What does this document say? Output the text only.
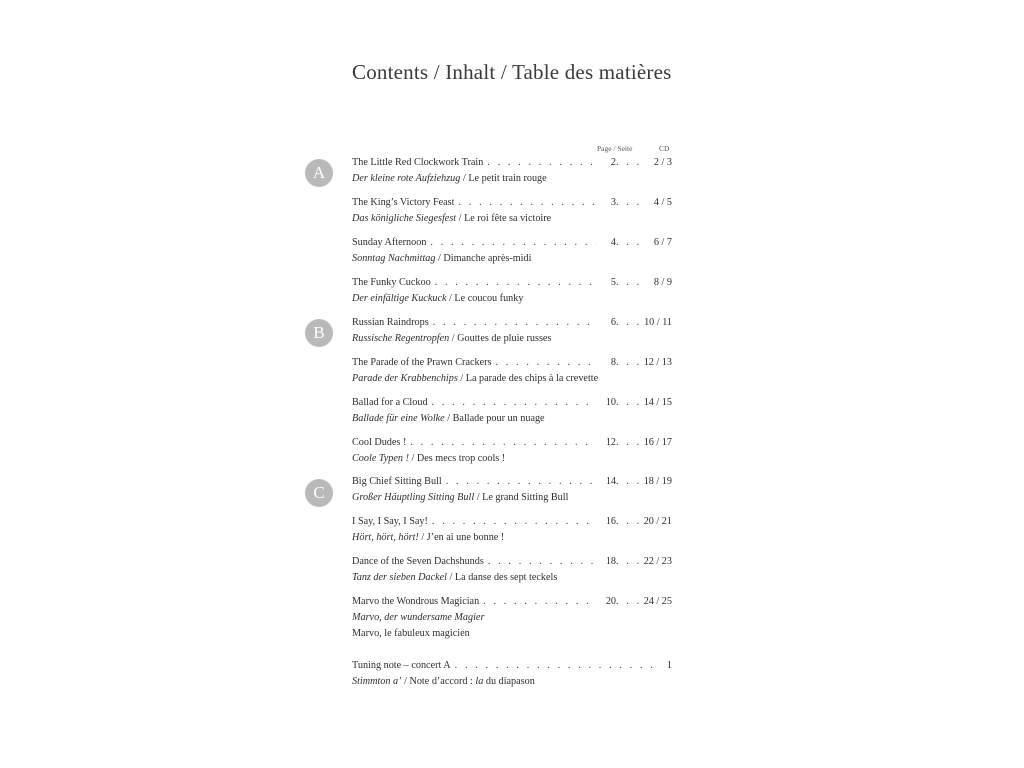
Contents / Inhalt / Table des matières
Page / Seite	CD
A
B
C
The Little Red Clockwork Train . . .	2 . . .	2 / 3
Der kleine rote Aufziehzug / Le petit train rouge
The King’s Victory Feast . . .	3 . . .	4 / 5
Das königliche Siegesfest / Le roi fête sa victoire
Sunday Afternoon . . .	4 . . .	6 / 7
Sonntag Nachmittag / Dimanche après-midi
The Funky Cuckoo . . .	5 . . .	8 / 9
Der einfältige Kuckuck / Le coucou funky
Russian Raindrops . . .	6 . . .	10 / 11
Russische Regentropfen / Gouttes de pluie russes
The Parade of the Prawn Crackers . . .	8 . . .	12 / 13
Parade der Krabbenchips / La parade des chips à la crevette
Ballad for a Cloud . . .	10 . . .	14 / 15
Ballade für eine Wolke / Ballade pour un nuage
Cool Dudes ! . . .	12 . . .	16 / 17
Coole Typen ! / Des mecs trop cools !
Big Chief Sitting Bull . . .	14 . . .	18 / 19
Großer Häuptling Sitting Bull / Le grand Sitting Bull
I Say, I Say, I Say! . . .	16 . . .	20 / 21
Hört, hört, hört! / J’en ai une bonne !
Dance of the Seven Dachshunds . . .	18 . . .	22 / 23
Tanz der sieben Dackel / La danse des sept teckels
Marvo the Wondrous Magician . . .	20 . . .	24 / 25
Marvo, der wundersame Magier
Marvo, le fabuleux magicien
Tuning note – concert A . . .	1
Stimmton a’ / Note d’accord : la du diapason
